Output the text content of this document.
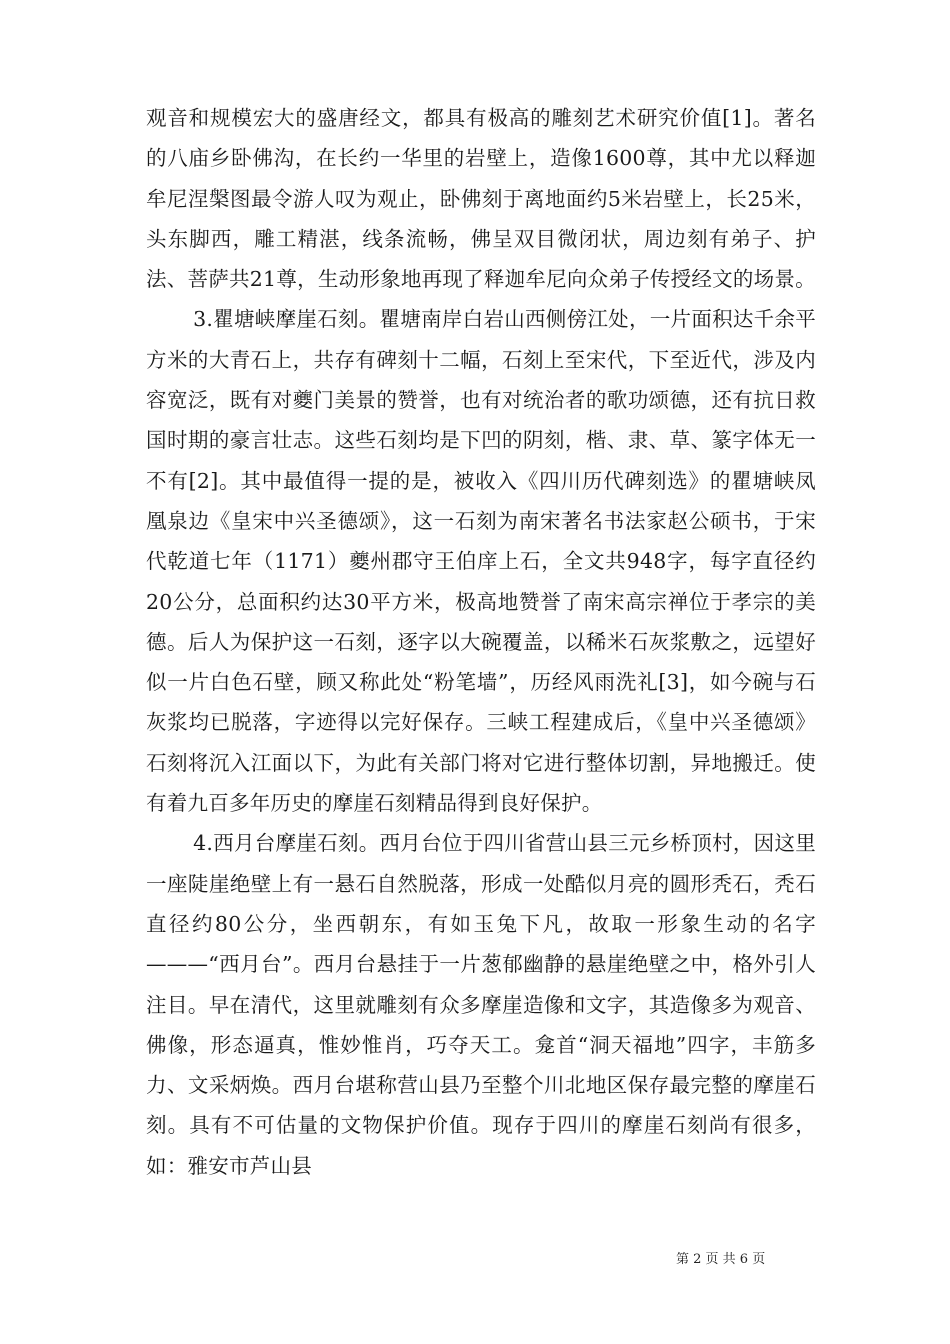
观音和规模宏大的盛唐经文，都具有极高的雕刻艺术研究价值[1]。著名的八庙乡卧佛沟，在长约一华里的岩壁上，造像1600尊，其中尤以释迦牟尼涅槃图最令游人叹为观止，卧佛刻于离地面约5米岩壁上，长25米，头东脚西，雕工精湛，线条流畅，佛呈双目微闭状，周边刻有弟子、护法、菩萨共21尊，生动形象地再现了释迦牟尼向众弟子传授经文的场景。

3.瞿塘峡摩崖石刻。瞿塘南岸白岩山西侧傍江处，一片面积达千余平方米的大青石上，共存有碑刻十二幅，石刻上至宋代，下至近代，涉及内容宽泛，既有对夔门美景的赞誉，也有对统治者的歌功颂德，还有抗日救国时期的豪言壮志。这些石刻均是下凹的阴刻，楷、隶、草、篆字体无一不有[2]。其中最值得一提的是，被收入《四川历代碑刻选》的瞿塘峡凤凰泉边《皇宋中兴圣德颂》，这一石刻为南宋著名书法家赵公硕书，于宋代乾道七年（1171）夔州郡守王伯庠上石，全文共948字，每字直径约20公分，总面积约达30平方米，极高地赞誉了南宋高宗禅位于孝宗的美德。后人为保护这一石刻，逐字以大碗覆盖，以稀米石灰浆敷之，远望好似一片白色石壁，顾又称此处“粉笔墙”，历经风雨洗礼[3]，如今碗与石灰浆均已脱落，字迹得以完好保存。三峡工程建成后，《皇中兴圣德颂》石刻将沉入江面以下，为此有关部门将对它进行整体切割，异地搬迁。使有着九百多年历史的摩崖石刻精品得到良好保护。

4.西月台摩崖石刻。西月台位于四川省营山县三元乡桥顶村，因这里一座陡崖绝壁上有一悬石自然脱落，形成一处酷似月亮的圆形秃石，秃石直径约80公分，坐西朝东，有如玉兔下凡，故取一形象生动的名字———“西月台”。西月台悬挂于一片葱郁幽静的悬崖绝壁之中，格外引人注目。早在清代，这里就雕刻有众多摩崖造像和文字，其造像多为观音、佛像，形态逼真，惟妙惟肖，巧夺天工。龛首“洞天福地”四字，丰筋多力、文采炳焕。西月台堪称营山县乃至整个川北地区保存最完整的摩崖石刻。具有不可估量的文物保护价值。现存于四川的摩崖石刻尚有很多，如：雅安市芦山县

第 2 页 共 6 页
